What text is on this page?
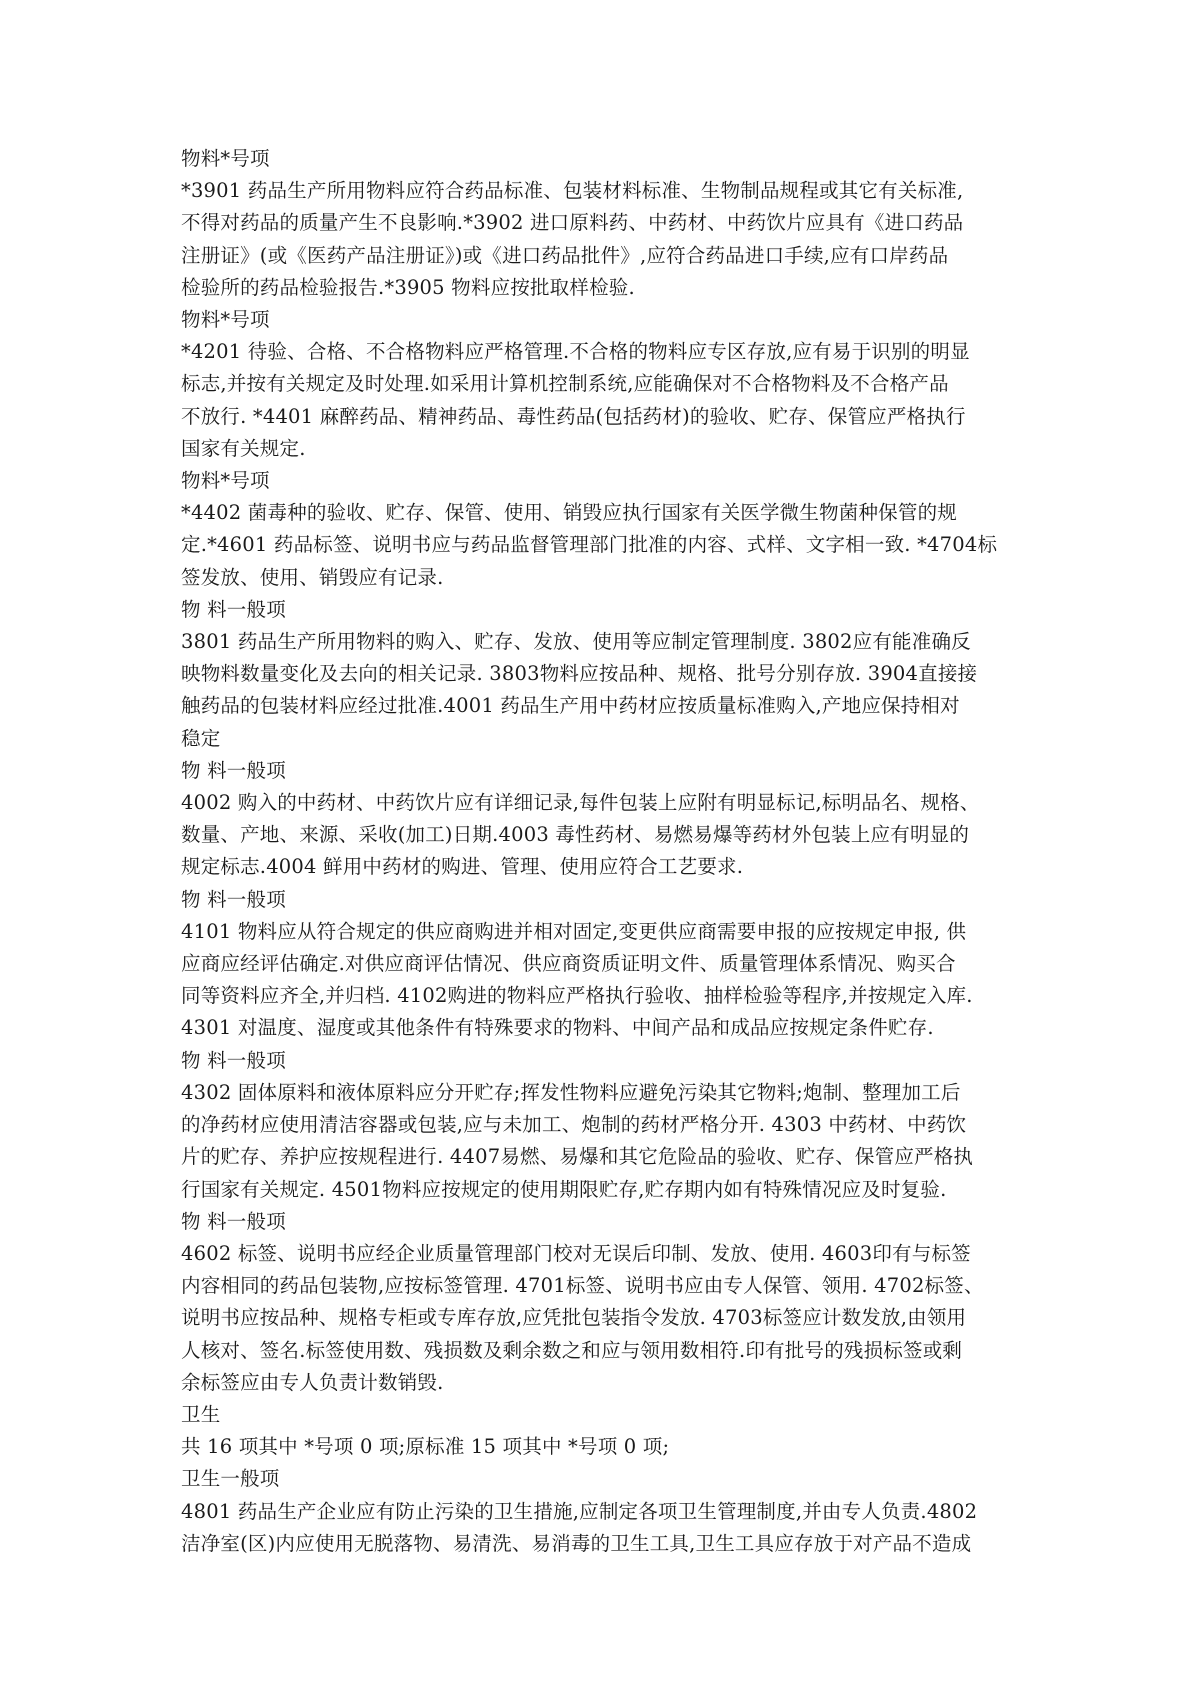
物料*号项
*3901 药品生产所用物料应符合药品标准、包装材料标准、生物制品规程或其它有关标准,
不得对药品的质量产生不良影响.*3902 进口原料药、中药材、中药饮片应具有《进口药品
注册证》(或《医药产品注册证》)或《进口药品批件》,应符合药品进口手续,应有口岸药品
检验所的药品检验报告.*3905 物料应按批取样检验.
物料*号项
*4201 待验、合格、不合格物料应严格管理.不合格的物料应专区存放,应有易于识别的明显
标志,并按有关规定及时处理.如采用计算机控制系统,应能确保对不合格物料及不合格产品
不放行. *4401 麻醉药品、精神药品、毒性药品(包括药材)的验收、贮存、保管应严格执行
国家有关规定.
物料*号项
*4402 菌毒种的验收、贮存、保管、使用、销毁应执行国家有关医学微生物菌种保管的规
定.*4601 药品标签、说明书应与药品监督管理部门批准的内容、式样、文字相一致. *4704标
签发放、使用、销毁应有记录.
物 料一般项
3801 药品生产所用物料的购入、贮存、发放、使用等应制定管理制度. 3802应有能准确反
映物料数量变化及去向的相关记录. 3803物料应按品种、规格、批号分别存放. 3904直接接
触药品的包装材料应经过批准.4001 药品生产用中药材应按质量标准购入,产地应保持相对
稳定
物 料一般项
4002 购入的中药材、中药饮片应有详细记录,每件包装上应附有明显标记,标明品名、规格、
数量、产地、来源、采收(加工)日期.4003 毒性药材、易燃易爆等药材外包装上应有明显的
规定标志.4004 鲜用中药材的购进、管理、使用应符合工艺要求.
物 料一般项
4101 物料应从符合规定的供应商购进并相对固定,变更供应商需要申报的应按规定申报, 供
应商应经评估确定.对供应商评估情况、供应商资质证明文件、质量管理体系情况、购买合
同等资料应齐全,并归档. 4102购进的物料应严格执行验收、抽样检验等程序,并按规定入库.
4301 对温度、湿度或其他条件有特殊要求的物料、中间产品和成品应按规定条件贮存.
物 料一般项
4302 固体原料和液体原料应分开贮存;挥发性物料应避免污染其它物料;炮制、整理加工后
的净药材应使用清洁容器或包装,应与未加工、炮制的药材严格分开. 4303 中药材、中药饮
片的贮存、养护应按规程进行. 4407易燃、易爆和其它危险品的验收、贮存、保管应严格执
行国家有关规定. 4501物料应按规定的使用期限贮存,贮存期内如有特殊情况应及时复验.
物 料一般项
4602 标签、说明书应经企业质量管理部门校对无误后印制、发放、使用. 4603印有与标签
内容相同的药品包装物,应按标签管理. 4701标签、说明书应由专人保管、领用. 4702标签、
说明书应按品种、规格专柜或专库存放,应凭批包装指令发放. 4703标签应计数发放,由领用
人核对、签名.标签使用数、残损数及剩余数之和应与领用数相符.印有批号的残损标签或剩
余标签应由专人负责计数销毁.
卫生
共 16 项其中 *号项 0 项;原标准 15 项其中 *号项 0 项;
卫生一般项
4801 药品生产企业应有防止污染的卫生措施,应制定各项卫生管理制度,并由专人负责.4802
洁净室(区)内应使用无脱落物、易清洗、易消毒的卫生工具,卫生工具应存放于对产品不造成
